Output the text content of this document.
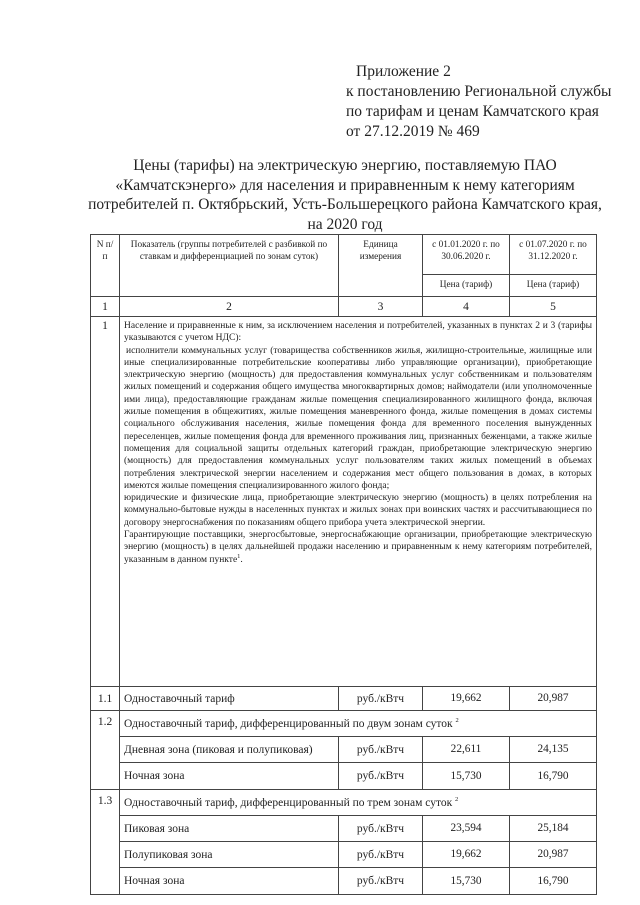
Приложение 2
к постановлению Региональной службы
по тарифам и ценам Камчатского края
от 27.12.2019 № 469
Цены (тарифы) на электрическую энергию, поставляемую ПАО
«Камчатскэнерго» для населения и приравненным к нему категориям
потребителей п. Октябрьский, Усть-Большерецкого района Камчатского края,
на 2020 год
N п/п	Показатель (группы потребителей с разбивкой по ставкам и дифференциацией по зонам суток)	Единица измерения	с 01.01.2020 г. по 30.06.2020 г.	с 01.07.2020 г. по 31.12.2020 г.
			Цена (тариф)	Цена (тариф)
1	2	3	4	5
1	Население и приравненные к ним, за исключением населения и потребителей, указанных в пунктах 2 и 3 (тарифы указываются с учетом НДС):

исполнители коммунальных услуг (товарищества собственников жилья, жилищно-строительные, жилищные или иные специализированные потребительские кооперативы либо управляющие организации), приобретающие электрическую энергию (мощность) для предоставления коммунальных услуг собственникам и пользователям жилых помещений и содержания общего имущества многоквартирных домов; наймодатели (или уполномоченные ими лица), предоставляющие гражданам жилые помещения специализированного жилищного фонда, включая жилые помещения в общежитиях, жилые помещения маневренного фонда, жилые помещения в домах системы социального обслуживания населения, жилые помещения фонда для временного поселения вынужденных переселенцев, жилые помещения фонда для временного проживания лиц, признанных беженцами, а также жилые помещения для социальной защиты отдельных категорий граждан, приобретающие электрическую энергию (мощность) для предоставления коммунальных услуг пользователям таких жилых помещений в объемах потребления электрической энергии населением и содержания мест общего пользования в домах, в которых имеются жилые помещения специализированного жилого фонда;

юридические и физические лица, приобретающие электрическую энергию (мощность) в целях потребления на коммунально-бытовые нужды в населенных пунктах и жилых зонах при воинских частях и рассчитывающиеся по договору энергоснабжения по показаниям общего прибора учета электрической энергии.

Гарантирующие поставщики, энергосбытовые, энергоснабжающие организации, приобретающие электрическую энергию (мощность) в целях дальнейшей продажи населению и приравненным к нему категориям потребителей, указанным в данном пункте$^1$.			

1.1	Одноставочный тариф	руб./кВтч	19,662	20,987
1.2	Одноставочный тариф, дифференцированный по двум зонам суток $^2$
	Дневная зона (пиковая и полупиковая)	руб./кВтч	22,611	24,135
	Ночная зона	руб./кВтч	15,730	16,790
1.3	Одноставочный тариф, дифференцированный по трем зонам суток $^2$
	Пиковая зона	руб./кВтч	23,594	25,184
	Полупиковая зона	руб./кВтч	19,662	20,987
	Ночная зона	руб./кВтч	15,730	16,790
